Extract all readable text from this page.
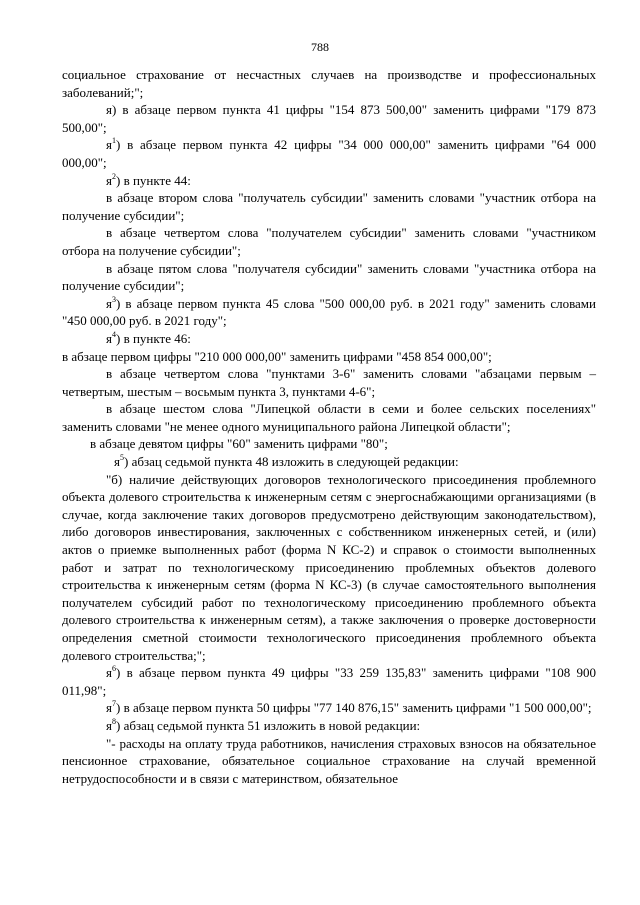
788

социальное страхование от несчастных случаев на производстве и профессиональных заболеваний;";

я) в абзаце первом пункта 41 цифры "154 873 500,00" заменить цифрами "179 873 500,00";

$я^1$) в абзаце первом пункта 42 цифры "34 000 000,00" заменить цифрами "64 000 000,00";

$я^2$) в пункте 44:

в абзаце втором слова "получатель субсидии" заменить словами "участник отбора на получение субсидии";

в абзаце четвертом слова "получателем субсидии" заменить словами "участником отбора на получение субсидии";

в абзаце пятом слова "получателя субсидии" заменить словами "участника отбора на получение субсидии";

$я^3$) в абзаце первом пункта 45 слова "500 000,00 руб. в 2021 году" заменить словами "450 000,00 руб. в 2021 году";

$я^4$) в пункте 46:

в абзаце первом цифры "210 000 000,00" заменить цифрами "458 854 000,00";

в абзаце четвертом слова "пунктами 3-6" заменить словами "абзацами первым – четвертым, шестым – восьмым пункта 3, пунктами 4-6";

в абзаце шестом слова "Липецкой области в семи и более сельских поселениях" заменить словами "не менее одного муниципального района Липецкой области";

в абзаце девятом цифры "60" заменить цифрами "80";

$я^5$) абзац седьмой пункта 48 изложить в следующей редакции:

"б) наличие действующих договоров технологического присоединения проблемного объекта долевого строительства к инженерным сетям с энергоснабжающими организациями (в случае, когда заключение таких договоров предусмотрено действующим законодательством), либо договоров инвестирования, заключенных с собственником инженерных сетей, и (или) актов о приемке выполненных работ (форма N КС-2) и справок о стоимости выполненных работ и затрат по технологическому присоединению проблемных объектов долевого строительства к инженерным сетям (форма N КС-3) (в случае самостоятельного выполнения получателем субсидий работ по технологическому присоединению проблемного объекта долевого строительства к инженерным сетям), а также заключения о проверке достоверности определения сметной стоимости технологического присоединения проблемного объекта долевого строительства;";

$я^6$) в абзаце первом пункта 49 цифры "33 259 135,83" заменить цифрами "108 900 011,98";

$я^7$) в абзаце первом пункта 50 цифры "77 140 876,15" заменить цифрами "1 500 000,00";

$я^8$) абзац седьмой пункта 51 изложить в новой редакции:

"- расходы на оплату труда работников, начисления страховых взносов на обязательное пенсионное страхование, обязательное социальное страхование на случай временной нетрудоспособности и в связи с материнством, обязательное
